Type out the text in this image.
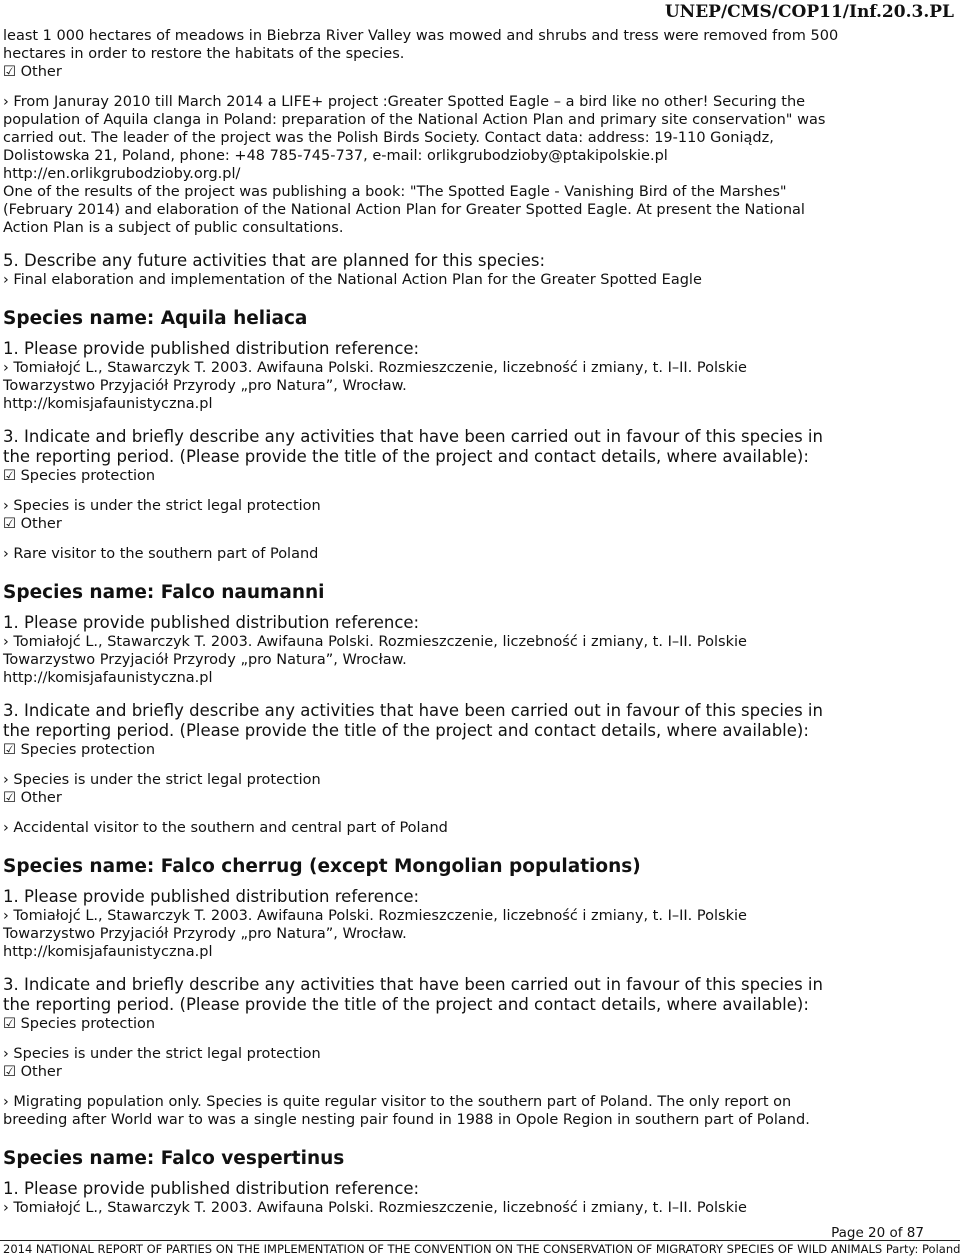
UNEP/CMS/COP11/Inf.20.3.PL

least 1 000 hectares of meadows in Biebrza River Valley was mowed and shrubs and tress were removed from 500 hectares in order to restore the habitats of the species.

☑ Other

› From Januray 2010 till March 2014 a LIFE+ project :Greater Spotted Eagle – a bird like no other! Securing the population of Aquila clanga in Poland: preparation of the National Action Plan and primary site conservation" was carried out. The leader of the project was the Polish Birds Society. Contact data: address: 19-110 Goniądz, Dolistowska 21, Poland, phone: +48 785-745-737, e-mail: orlikgrubodzioby@ptakipolskie.pl

http://en.orlikgrubodzioby.org.pl/

One of the results of the project was publishing a book: "The Spotted Eagle - Vanishing Bird of the Marshes" (February 2014) and elaboration of the National Action Plan for Greater Spotted Eagle. At present the National Action Plan is a subject of public consultations.

5. Describe any future activities that are planned for this species:

› Final elaboration and implementation of the National Action Plan for the Greater Spotted Eagle

Species name: Aquila heliaca

1. Please provide published distribution reference:

› Tomiałojć L., Stawarczyk T. 2003. Awifauna Polski. Rozmieszczenie, liczebność i zmiany, t. I–II. Polskie

Towarzystwo Przyjaciół Przyrody „pro Natura”, Wrocław.

http://komisjafaunistyczna.pl

3. Indicate and briefly describe any activities that have been carried out in favour of this species in the reporting period. (Please provide the title of the project and contact details, where available):

☑ Species protection

› Species is under the strict legal protection

☑ Other

› Rare visitor to the southern part of Poland

Species name: Falco naumanni

1. Please provide published distribution reference:

› Tomiałojć L., Stawarczyk T. 2003. Awifauna Polski. Rozmieszczenie, liczebność i zmiany, t. I–II. Polskie

Towarzystwo Przyjaciół Przyrody „pro Natura”, Wrocław.

http://komisjafaunistyczna.pl

3. Indicate and briefly describe any activities that have been carried out in favour of this species in the reporting period. (Please provide the title of the project and contact details, where available):

☑ Species protection

› Species is under the strict legal protection

☑ Other

› Accidental visitor to the southern and central part of Poland

Species name: Falco cherrug (except Mongolian populations)

1. Please provide published distribution reference:

› Tomiałojć L., Stawarczyk T. 2003. Awifauna Polski. Rozmieszczenie, liczebność i zmiany, t. I–II. Polskie

Towarzystwo Przyjaciół Przyrody „pro Natura”, Wrocław.

http://komisjafaunistyczna.pl

3. Indicate and briefly describe any activities that have been carried out in favour of this species in the reporting period. (Please provide the title of the project and contact details, where available):

☑ Species protection

› Species is under the strict legal protection

☑ Other

› Migrating population only. Species is quite regular visitor to the southern part of Poland. The only report on breeding after World war to was a single nesting pair found in 1988 in Opole Region in southern part of Poland.

Species name: Falco vespertinus

1. Please provide published distribution reference:

› Tomiałojć L., Stawarczyk T. 2003. Awifauna Polski. Rozmieszczenie, liczebność i zmiany, t. I–II. Polskie

Page 20 of 87
2014 NATIONAL REPORT OF PARTIES ON THE IMPLEMENTATION OF THE CONVENTION ON THE CONSERVATION OF MIGRATORY SPECIES OF WILD ANIMALS Party: Poland
